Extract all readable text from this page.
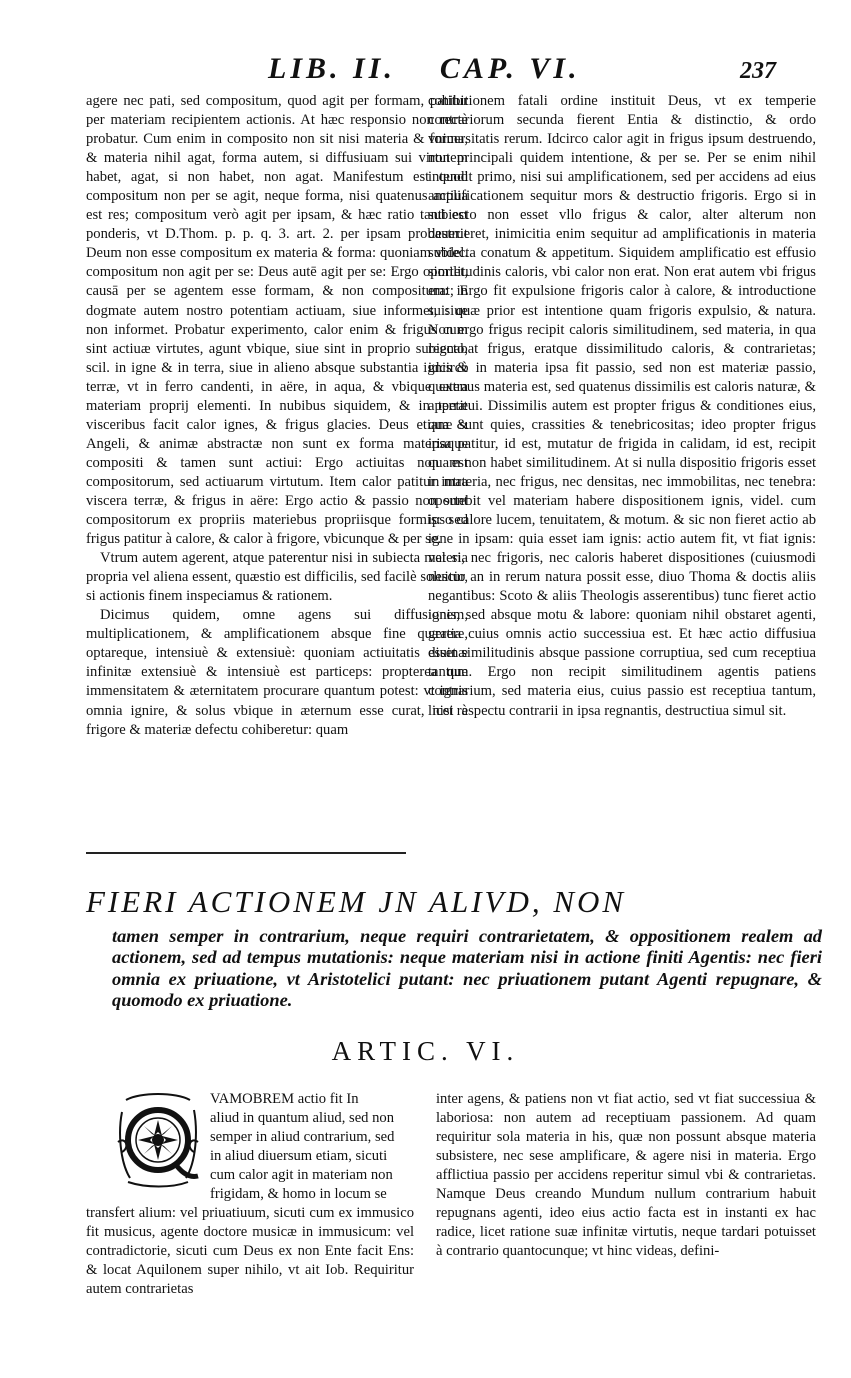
LIB. II. CAP. VI.	237

agere nec pati, sed compositum, quod agit per formam, patitur per materiam recipientem actionis. At hæc responsio non rectè probatur. Cum enim in composito non sit nisi materia & forma, & materia nihil agat, forma autem, si diffusiuam sui virtutem habet, agat, si non habet, non agat. Manifestum est quod compositum non per se agit, neque forma, nisi quatenus actiua est res; compositum verò agit per ipsam, & hæc ratio tanti est ponderis, vt D.Thom. p. p. q. 3. art. 2. per ipsam probauerit Deum non esse compositum ex materia & forma: quoniam videl. compositum non agit per se: Deus autē agit per se: Ergo oportet, causā per se agentem esse formam, & non compositum: in dogmate autem nostro potentiam actiuam, siue informet, siue non informet. Probatur experimento, calor enim & frigus cum sint actiuæ virtutes, agunt vbique, siue sint in proprio subiecto, scil. in igne & in terra, siue in alieno absque substantia ignis & terræ, vt in ferro candenti, in aëre, in aqua, & vbique extra materiam proprij elementi. In nubibus siquidem, & in terræ visceribus facit calor ignes, & frigus glacies. Deus etiam & Angeli, & animæ abstractæ non sunt ex forma materiaque compositi & tamen sunt actiui: Ergo actiuitas non est compositorum, sed actiuarum virtutum. Item calor patitur intra viscera terræ, & frigus in aëre: Ergo actio & passio non sunt compositorum ex propriis materiebus propriisque formis: sed frigus patitur à calore, & calor à frigore, vbicunque & per se.

Vtrum autem agerent, atque paterentur nisi in subiecta materia propria vel aliena essent, quæstio est difficilis, sed facilè soluitur, si actionis finem inspeciamus & rationem.

Dicimus quidem, omne agens sui diffusionem, multiplicationem, & amplificationem absque fine quærere, optareque, intensiuè & extensiuè: quoniam actiuitatis diuinæ infinitæ extensiuè & intensiuè est particeps: propterea que immensitatem & æternitatem procurare quantum potest: vt ignis omnia ignire, & solus vbique in æternum esse curat, nisi à frigore & materiæ defectu cohiberetur: quam

cohibitionem fatali ordine instituit Deus, vt ex temperie contrariorum secunda fierent Entia & distinctio, & ordo vniuersitatis rerum. Idcirco calor agit in frigus ipsum destruendo, non principali quidem intentione, & per se. Per se enim nihil intendit primo, nisi sui amplificationem, sed per accidens ad eius amplificationem sequitur mors & destructio frigoris. Ergo si in subiecto non esset vllo frigus & calor, alter alterum non destrueret, inimicitia enim sequitur ad amplificationis in materia subiecta conatum & appetitum. Siquidem amplificatio est effusio similitudinis caloris, vbi calor non erat. Non erat autem vbi frigus erat; Ergo fit expulsione frigoris calor à calore, & introductione sui: quæ prior est intentione quam frigoris expulsio, & natura. Non ergo frigus recipit caloris similitudinem, sed materia, in qua regnabat frigus, eratque dissimilitudo caloris, & contrarietas; idcircò in materia ipsa fit passio, sed non est materiæ passio, quatenus materia est, sed quatenus dissimilis est caloris naturæ, & appetitui. Dissimilis autem est propter frigus & conditiones eius, quæ sunt quies, crassities & tenebricositas; ideo propter frigus ipsa patitur, id est, mutatur de frigida in calidam, id est, recipit quam non habet similitudinem. At si nulla dispositio frigoris esset in materia, nec frigus, nec densitas, nec immobilitas, nec tenebra: oportebit vel materiam habere dispositionem ignis, videl. cum ipso calore lucem, tenuitatem, & motum. & sic non fieret actio ab igne in ipsam: quia esset iam ignis: actio autem fit, vt fiat ignis: vel si, nec frigoris, nec caloris haberet dispositiones (cuiusmodi nescio an in rerum natura possit esse, diuo Thoma & doctis aliis negantibus: Scoto & aliis Theologis asserentibus) tunc fieret actio ignis, sed absque motu & labore: quoniam nihil obstaret agenti, gratia cuius omnis actio successiua est. Et hæc actio diffusiua esset similitudinis absque passione corruptiua, sed cum receptiua tantum. Ergo non recipit similitudinem agentis patiens contrarium, sed materia eius, cuius passio est receptiua tantum, licet respectu contrarii in ipsa regnantis, destructiua simul sit.

FIERI ACTIONEM JN ALIVD, NON
tamen semper in contrarium, neque requiri contrarietatem, & oppositionem realem ad actionem, sed ad tempus mutationis: neque materiam nisi in actione finiti Agentis: nec fieri omnia ex priuatione, vt Aristotelici putant: nec priuationem putant Agenti repugnare, & quomodo ex priuatione.
ARTIC. VI.
VAMOBREM actio fit In
aliud in quantum aliud, sed non
semper in aliud contrarium, sed
in aliud diuersum etiam, sicuti
cum calor agit in materiam non
frigidam, & homo in locum se

transfert alium: vel priuatiuum, sicuti cum ex immusico fit musicus, agente doctore musicæ in immusicum: vel contradictorie, sicuti cum Deus ex non Ente facit Ens: & locat Aquilonem super nihilo, vt ait Iob. Requiritur autem contrarietas

inter agens, & patiens non vt fiat actio, sed vt fiat successiua & laboriosa: non autem ad receptiuam passionem. Ad quam requiritur sola materia in his, quæ non possunt absque materia subsistere, nec sese amplificare, & agere nisi in materia. Ergo afflictiua passio per accidens reperitur simul vbi & contrarietas. Namque Deus creando Mundum nullum contrarium habuit repugnans agenti, ideo eius actio facta est in instanti ex hac radice, licet ratione suæ infinitæ virtutis, neque tardari potuisset à contrario quantocunque; vt hinc videas, defini-
